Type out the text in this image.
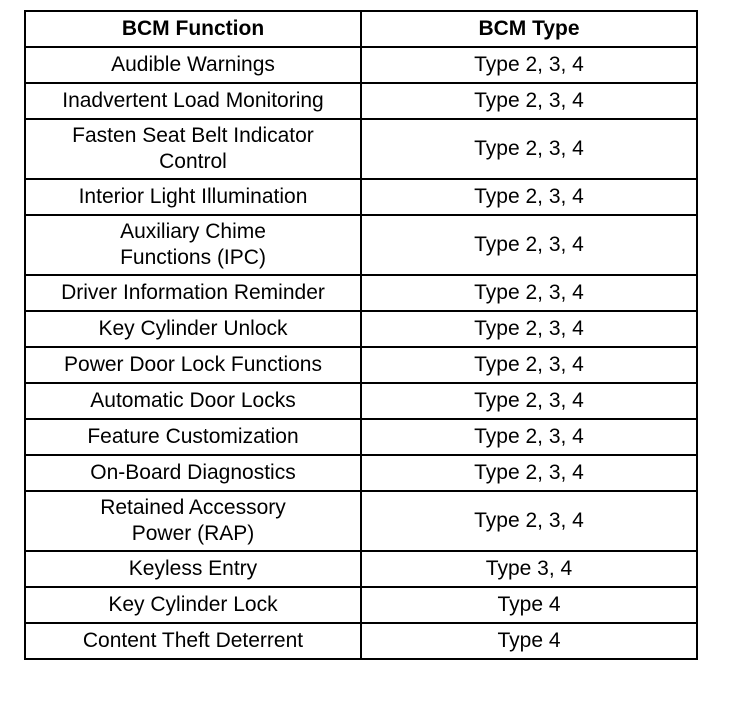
BCM Function	BCM Type
Audible Warnings	Type 2, 3, 4
Inadvertent Load Monitoring	Type 2, 3, 4
Fasten Seat Belt Indicator
Control	Type 2, 3, 4
Interior Light Illumination	Type 2, 3, 4
Auxiliary Chime
Functions (IPC)	Type 2, 3, 4
Driver Information Reminder	Type 2, 3, 4
Key Cylinder Unlock	Type 2, 3, 4
Power Door Lock Functions	Type 2, 3, 4
Automatic Door Locks	Type 2, 3, 4
Feature Customization	Type 2, 3, 4
On-Board Diagnostics	Type 2, 3, 4
Retained Accessory
Power (RAP)	Type 2, 3, 4
Keyless Entry	Type 3, 4
Key Cylinder Lock	Type 4
Content Theft Deterrent	Type 4
